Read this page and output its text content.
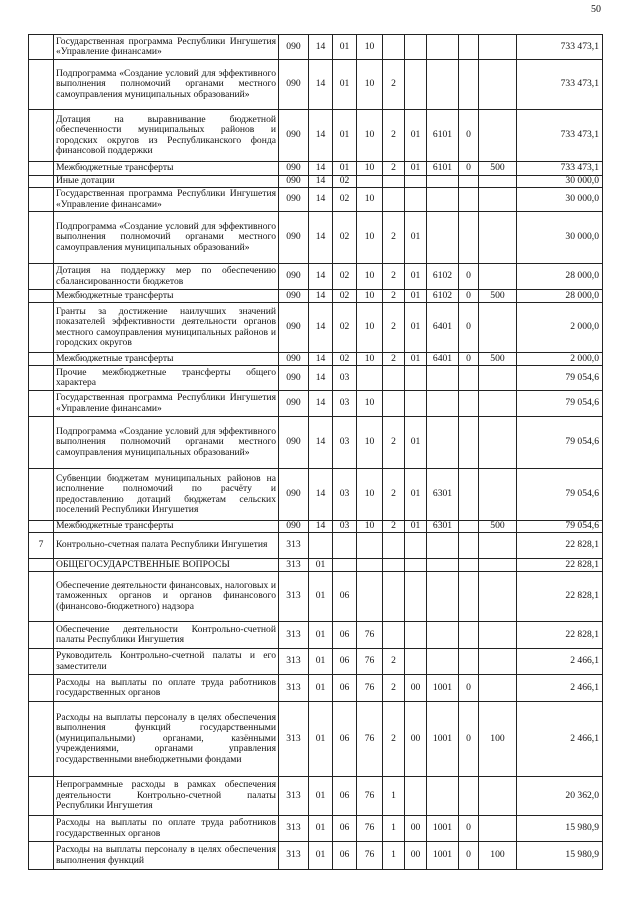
50
	Государственная программа Республики Ингушетия «Управление финансами»	090	14	01	10						733 473,1
	Подпрограмма «Создание условий для эффективного выполнения полномочий органами местного самоуправления муниципальных образований»	090	14	01	10	2					733 473,1
	Дотация на выравнивание бюджетной обеспеченности муниципальных районов и городских округов из Республиканского фонда финансовой поддержки	090	14	01	10	2	01	6101	0		733 473,1
	Межбюджетные трансферты	090	14	01	10	2	01	6101	0	500	733 473,1
	Иные дотации	090	14	02							30 000,0
	Государственная программа Республики Ингушетия «Управление финансами»	090	14	02	10						30 000,0
	Подпрограмма «Создание условий для эффективного выполнения полномочий органами местного самоуправления муниципальных образований»	090	14	02	10	2	01				30 000,0
	Дотация на поддержку мер по обеспечению сбалансированности бюджетов	090	14	02	10	2	01	6102	0		28 000,0
	Межбюджетные трансферты	090	14	02	10	2	01	6102	0	500	28 000,0
	Гранты за достижение наилучших значений показателей эффективности деятельности органов местного самоуправления муниципальных районов и городских округов	090	14	02	10	2	01	6401	0		2 000,0
	Межбюджетные трансферты	090	14	02	10	2	01	6401	0	500	2 000,0
	Прочие межбюджетные трансферты общего характера	090	14	03							79 054,6
	Государственная программа Республики Ингушетия «Управление финансами»	090	14	03	10						79 054,6
	Подпрограмма «Создание условий для эффективного выполнения полномочий органами местного самоуправления муниципальных образований»	090	14	03	10	2	01				79 054,6
	Субвенции бюджетам муниципальных районов на исполнение полномочий по расчёту и предоставлению дотаций бюджетам сельских поселений Республики Ингушетия	090	14	03	10	2	01	6301			79 054,6
	Межбюджетные трансферты	090	14	03	10	2	01	6301		500	79 054,6
7	Контрольно-счетная палата Республики Ингушетия	313									22 828,1
	ОБЩЕГОСУДАРСТВЕННЫЕ ВОПРОСЫ	313	01								22 828,1
	Обеспечение деятельности финансовых, налоговых и таможенных органов и органов финансового (финансово-бюджетного) надзора	313	01	06							22 828,1
	Обеспечение деятельности Контрольно-счетной палаты Республики Ингушетия	313	01	06	76						22 828,1
	Руководитель Контрольно-счетной палаты и его заместители	313	01	06	76	2					2 466,1
	Расходы на выплаты по оплате труда работников государственных органов	313	01	06	76	2	00	1001	0		2 466,1
	Расходы на выплаты персоналу в целях обеспечения выполнения функций государственными (муниципальными) органами, казёнными учреждениями, органами управления государственными внебюджетными фондами	313	01	06	76	2	00	1001	0	100	2 466,1
	Непрограммные расходы в рамках обеспечения деятельности Контрольно-счетной палаты Республики Ингушетия	313	01	06	76	1					20 362,0
	Расходы на выплаты по оплате труда работников государственных органов	313	01	06	76	1	00	1001	0		15 980,9
	Расходы на выплаты персоналу в целях обеспечения выполнения функций	313	01	06	76	1	00	1001	0	100	15 980,9
